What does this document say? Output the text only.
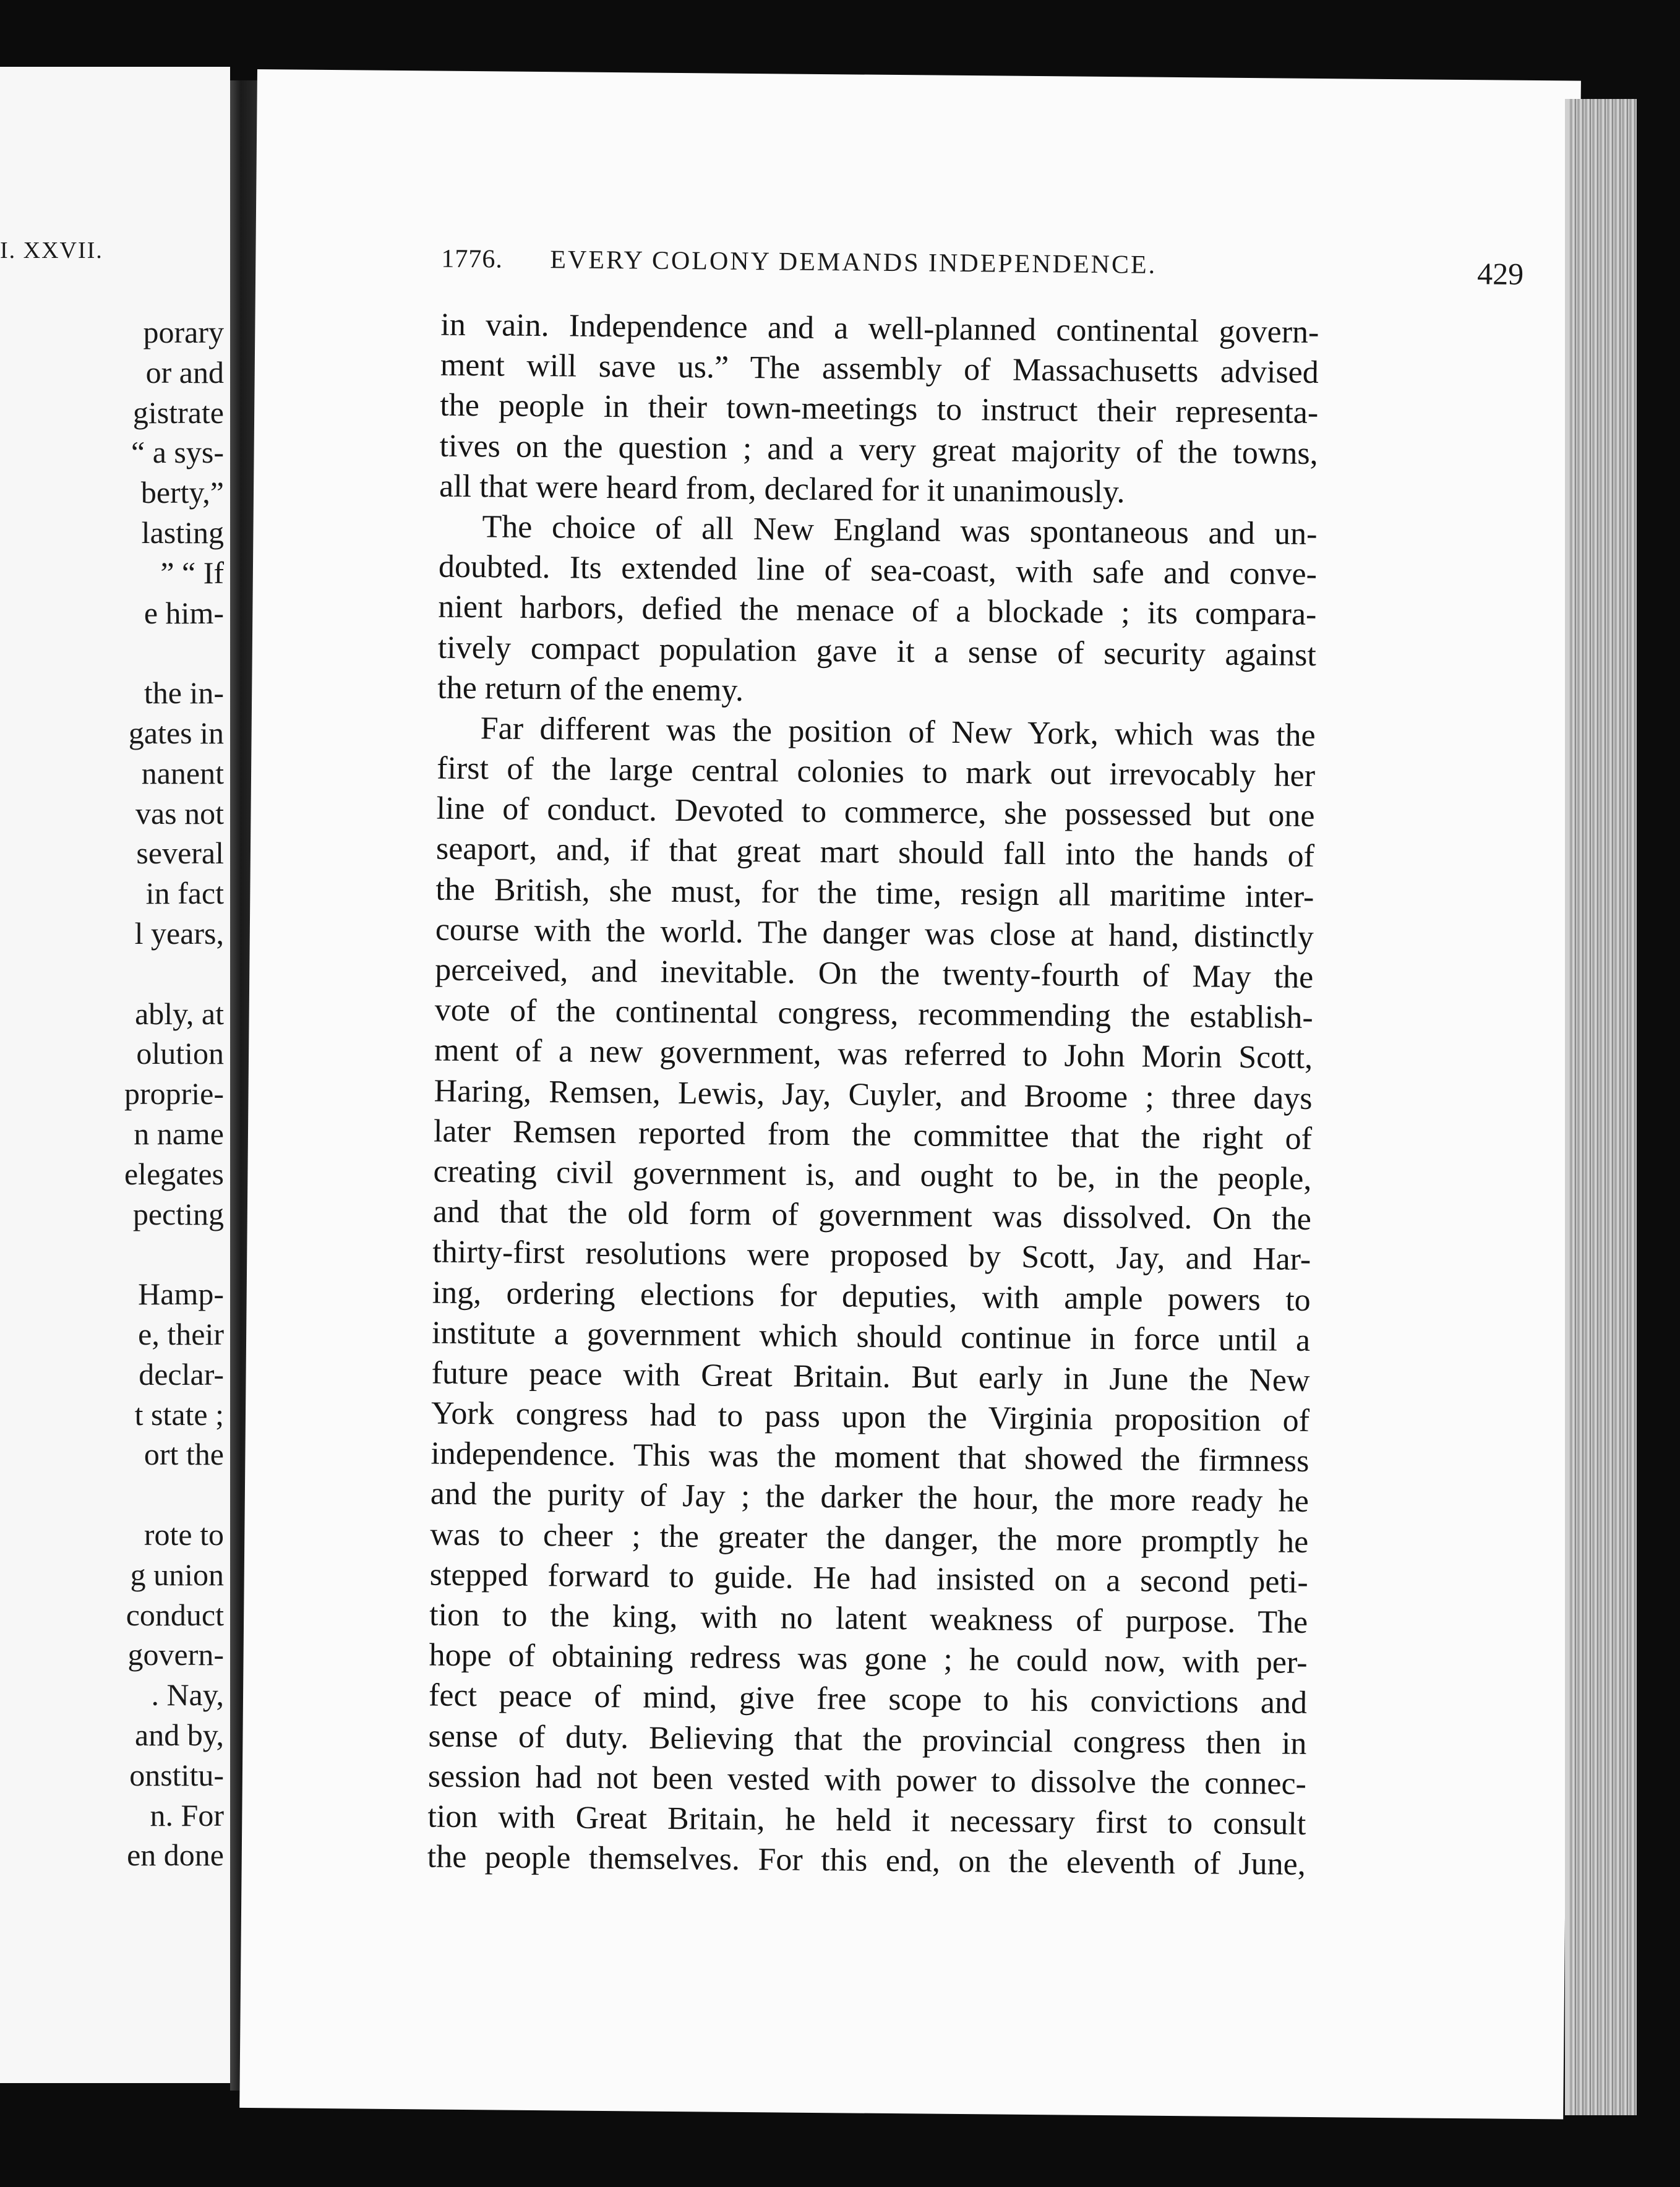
I. XXVII.
porary
or and
gistrate
“ a sys-
berty,”
lasting
” “ If
e him-
the in-
gates in
nanent
vas not
several
in fact
l years,
ably, at
olution
proprie-
n name
elegates
pecting
Hamp-
e, their
declar-
t state ;
ort the
rote to
g union
conduct
govern-
. Nay,
and by,
onstitu-
n. For
en done
1776. EVERY COLONY DEMANDS INDEPENDENCE.	429
in vain. Independence and a well-planned continental govern-
ment will save us.” The assembly of Massachusetts advised
the people in their town-meetings to instruct their representa-
tives on the question ; and a very great majority of the towns,
all that were heard from, declared for it unanimously.
The choice of all New England was spontaneous and un-
doubted. Its extended line of sea-coast, with safe and conve-
nient harbors, defied the menace of a blockade ; its compara-
tively compact population gave it a sense of security against
the return of the enemy.
Far different was the position of New York, which was the
first of the large central colonies to mark out irrevocably her
line of conduct. Devoted to commerce, she possessed but one
seaport, and, if that great mart should fall into the hands of
the British, she must, for the time, resign all maritime inter-
course with the world. The danger was close at hand, distinctly
perceived, and inevitable. On the twenty-fourth of May the
vote of the continental congress, recommending the establish-
ment of a new government, was referred to John Morin Scott,
Haring, Remsen, Lewis, Jay, Cuyler, and Broome ; three days
later Remsen reported from the committee that the right of
creating civil government is, and ought to be, in the people,
and that the old form of government was dissolved. On the
thirty-first resolutions were proposed by Scott, Jay, and Har-
ing, ordering elections for deputies, with ample powers to
institute a government which should continue in force until a
future peace with Great Britain. But early in June the New
York congress had to pass upon the Virginia proposition of
independence. This was the moment that showed the firmness
and the purity of Jay ; the darker the hour, the more ready he
was to cheer ; the greater the danger, the more promptly he
stepped forward to guide. He had insisted on a second peti-
tion to the king, with no latent weakness of purpose. The
hope of obtaining redress was gone ; he could now, with per-
fect peace of mind, give free scope to his convictions and
sense of duty. Believing that the provincial congress then in
session had not been vested with power to dissolve the connec-
tion with Great Britain, he held it necessary first to consult
the people themselves. For this end, on the eleventh of June,
